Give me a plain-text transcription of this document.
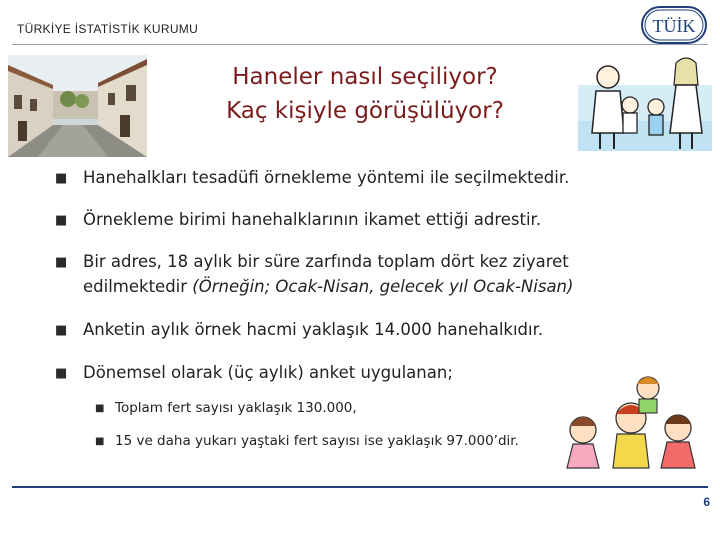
TÜRKİYE İSTATİSTİK KURUMU	TÜİK
Haneler nasıl seçiliyor?
Kaç kişiyle görüşülüyor?
■ Hanehalkları tesadüfi örnekleme yöntemi ile seçilmektedir.
■ Örnekleme birimi hanehalklarının ikamet ettiği adrestir.
■ Bir adres, 18 aylık bir süre zarfında toplam dört kez ziyaret edilmektedir (Örneğin; Ocak-Nisan, gelecek yıl Ocak-Nisan)
■ Anketin aylık örnek hacmi yaklaşık 14.000 hanehalkıdır.
■ Dönemsel olarak (üç aylık) anket uygulanan;
■ Toplam fert sayısı yaklaşık 130.000,
■ 15 ve daha yukarı yaştaki fert sayısı ise yaklaşık 97.000’dir.
6
